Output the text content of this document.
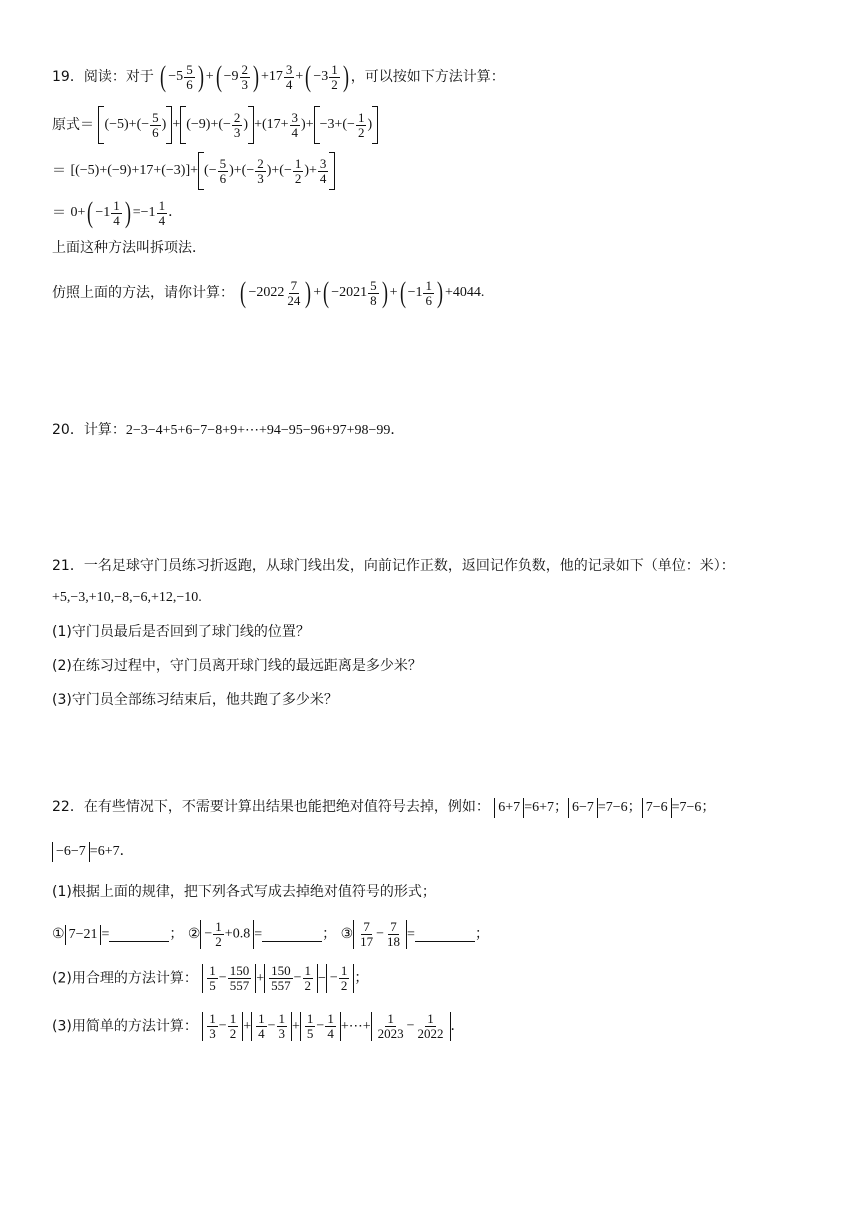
19．阅读：对于 ( $-5 \frac{5}{6}$ ) + ( $-9 \frac{2}{3}$ ) $+17 \frac{3}{4}$ + ( $-3 \frac{1}{2}$ ) ，可以按如下方法计算：
原式＝ $(-5)+(- \frac{5}{6}$ ) + $(-9)+(- \frac{2}{3}$ ) $+(17+ \frac{3}{4}$ )+ $-3+(- \frac{1}{2}$ )
＝ [(−5)+(−9)+17+(−3)]+ (− $\frac{5}{6}$ )+(− $\frac{2}{3}$ )+(− $\frac{1}{2}$ )+ $\frac{3}{4}$
＝ 0+ ( $-1 \frac{1}{4}$ ) $=-1 \frac{1}{4}$ ．
上面这种方法叫拆项法．
仿照上面的方法，请你计算： ( $-2022 \frac{7}{24}$ ) + ( $-2021 \frac{5}{8}$ ) + ( $-1 \frac{1}{6}$ ) +4044.
20．计算：2−3−4+5+6−7−8+9+⋯+94−95−96+97+98−99．
21．一名足球守门员练习折返跑，从球门线出发，向前记作正数，返回记作负数，他的记录如下（单位：米）：
+5,−3,+10,−8,−6,+12,−10.
(1)守门员最后是否回到了球门线的位置？
(2)在练习过程中，守门员离开球门线的最远距离是多少米？
(3)守门员全部练习结束后，他共跑了多少米？
22．在有些情况下，不需要计算出结果也能把绝对值符号去掉，例如： 6+7 =6+7； 6−7 =7−6； 7−6 =7−6；
−6−7 =6+7．
(1)根据上面的规律，把下列各式写成去掉绝对值符号的形式；
① 7−21 =	； ② − $\frac{1}{2} +0.8$ =	； ③ $\frac{7}{17} - \frac{7}{18}$ =	；
(2)用合理的方法计算： $\frac{1}{5} - \frac{150}{557} + \frac{150}{557} - \frac{1}{2}$ − − $\frac{1}{2}$ ；
(3)用简单的方法计算： $\frac{1}{3} - \frac{1}{2} + \frac{1}{4} - \frac{1}{3} + \frac{1}{5} - \frac{1}{4}$ +⋯+ $\frac{1}{2023} - \frac{1}{2022}$ ．
